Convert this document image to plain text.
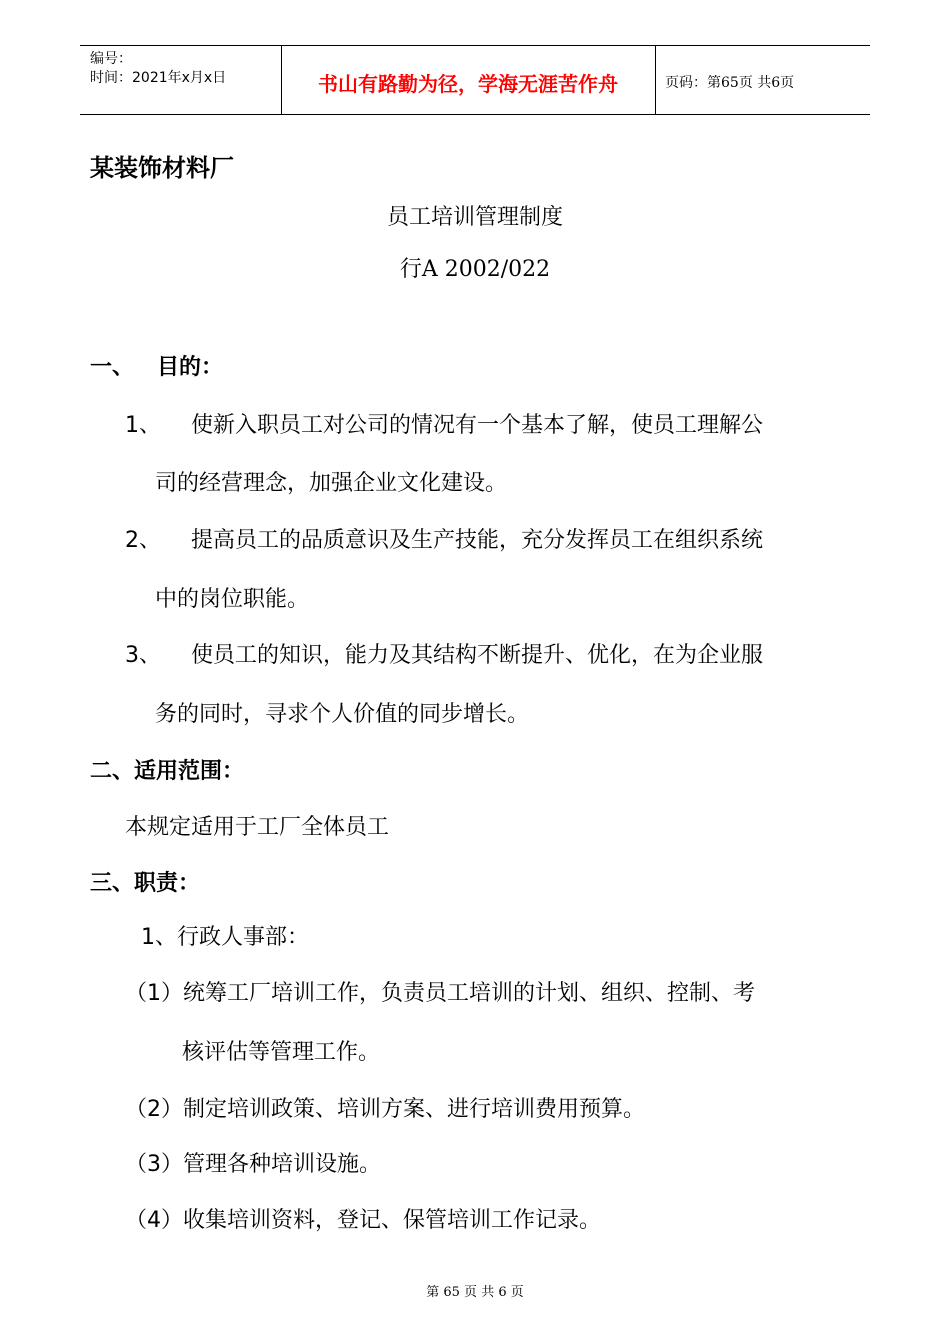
编号：
时间：2021年x月x日	书山有路勤为径，学海无涯苦作舟	页码：第65页 共6页
某装饰材料厂
员工培训管理制度
行A 2002/022
一、   目的：
1、 使新入职员工对公司的情况有一个基本了解，使员工理解公
司的经营理念，加强企业文化建设。
2、 提高员工的品质意识及生产技能，充分发挥员工在组织系统
中的岗位职能。
3、 使员工的知识，能力及其结构不断提升、优化，在为企业服
务的同时，寻求个人价值的同步增长。
二、适用范围：
本规定适用于工厂全体员工
三、职责：
1、行政人事部：
（1）统筹工厂培训工作，负责员工培训的计划、组织、控制、考
核评估等管理工作。
（2）制定培训政策、培训方案、进行培训费用预算。
（3）管理各种培训设施。
（4）收集培训资料，登记、保管培训工作记录。
第 65 页 共 6 页
